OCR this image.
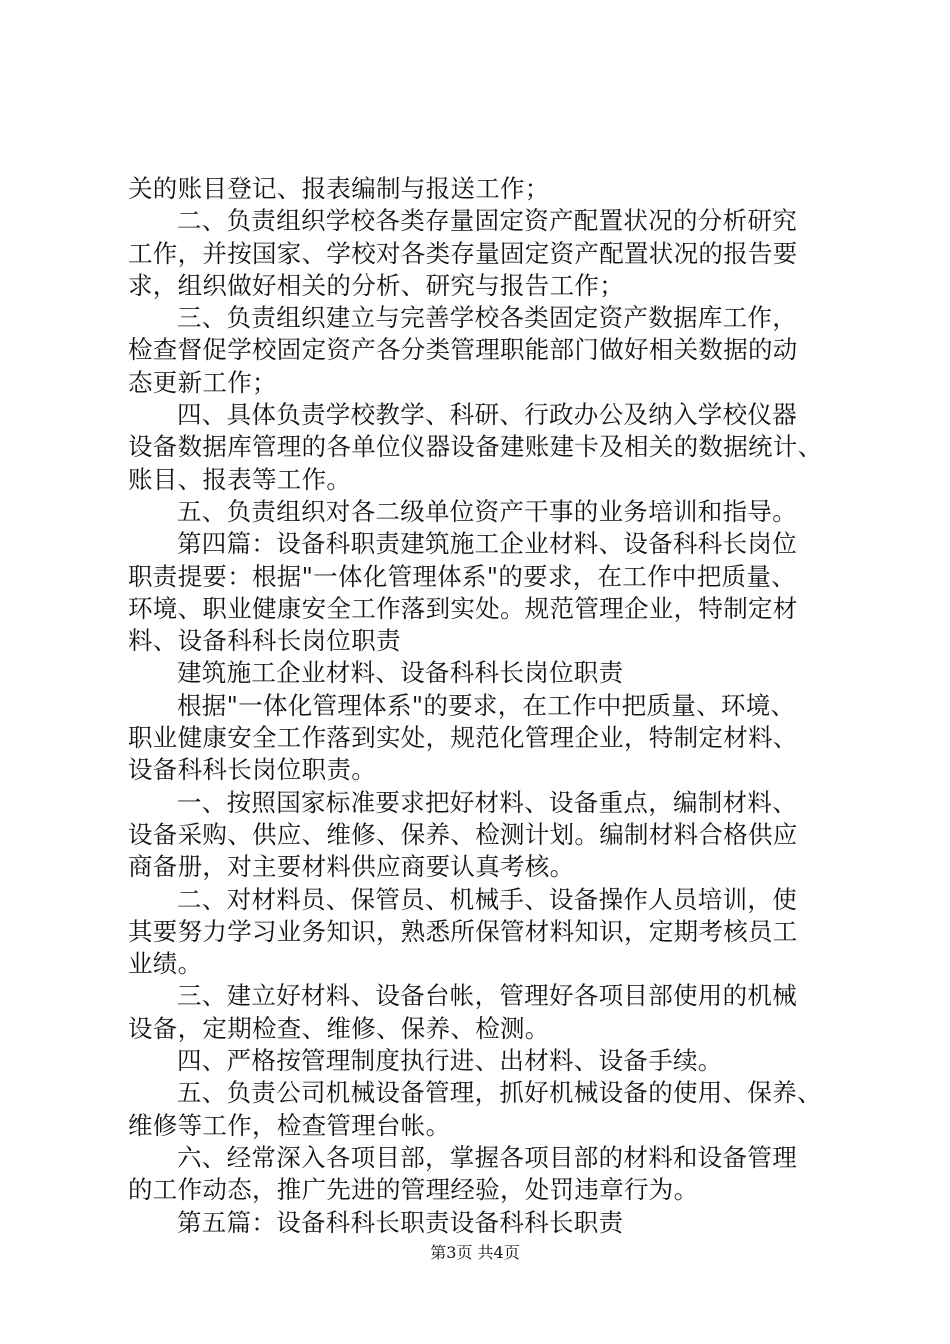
关的账目登记、报表编制与报送工作；
二、负责组织学校各类存量固定资产配置状况的分析研究
工作，并按国家、学校对各类存量固定资产配置状况的报告要
求，组织做好相关的分析、研究与报告工作；
三、负责组织建立与完善学校各类固定资产数据库工作，
检查督促学校固定资产各分类管理职能部门做好相关数据的动
态更新工作；
四、具体负责学校教学、科研、行政办公及纳入学校仪器
设备数据库管理的各单位仪器设备建账建卡及相关的数据统计、
账目、报表等工作。
五、负责组织对各二级单位资产干事的业务培训和指导。
第四篇：设备科职责建筑施工企业材料、设备科科长岗位
职责提要：根据"一体化管理体系"的要求，在工作中把质量、
环境、职业健康安全工作落到实处。规范管理企业，特制定材
料、设备科科长岗位职责
建筑施工企业材料、设备科科长岗位职责
根据"一体化管理体系"的要求，在工作中把质量、环境、
职业健康安全工作落到实处，规范化管理企业，特制定材料、
设备科科长岗位职责。
一、按照国家标准要求把好材料、设备重点，编制材料、
设备采购、供应、维修、保养、检测计划。编制材料合格供应
商备册，对主要材料供应商要认真考核。
二、对材料员、保管员、机械手、设备操作人员培训，使
其要努力学习业务知识，熟悉所保管材料知识，定期考核员工
业绩。
三、建立好材料、设备台帐，管理好各项目部使用的机械
设备，定期检查、维修、保养、检测。
四、严格按管理制度执行进、出材料、设备手续。
五、负责公司机械设备管理，抓好机械设备的使用、保养、
维修等工作，检查管理台帐。
六、经常深入各项目部，掌握各项目部的材料和设备管理
的工作动态，推广先进的管理经验，处罚违章行为。
第五篇：设备科科长职责设备科科长职责
第3页 共4页
